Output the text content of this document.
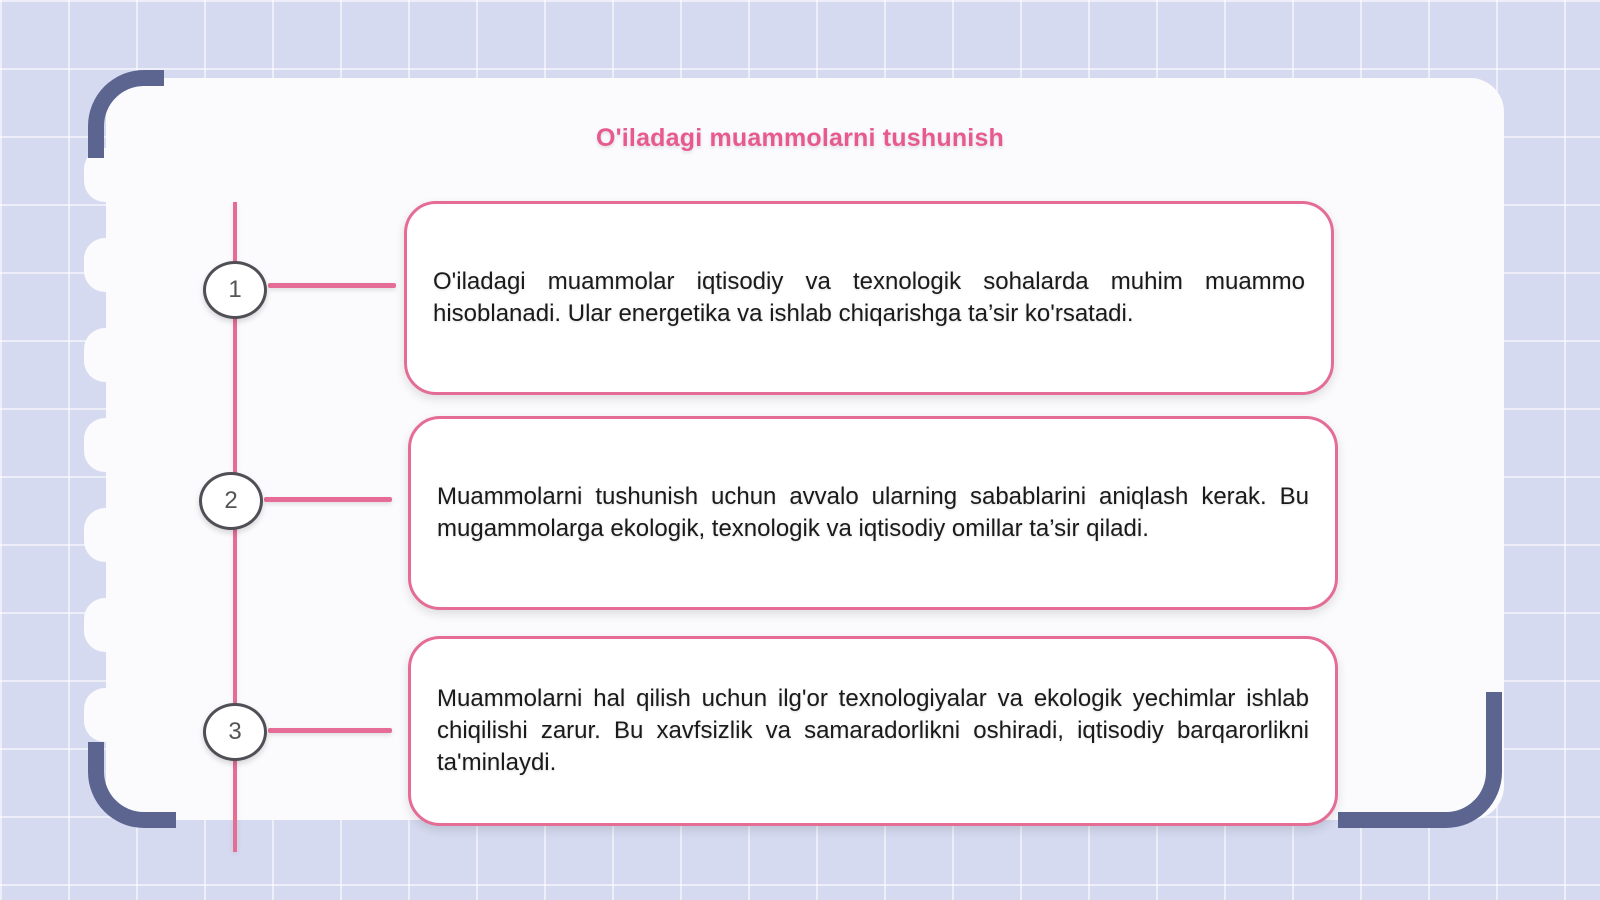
O'iladagi muammolarni tushunish
1
2
3
O'iladagi muammolar iqtisodiy va texnologik sohalarda muhim muammo hisoblanadi. Ular energetika va ishlab chiqarishga ta’sir ko'rsatadi.
Muammolarni tushunish uchun avvalo ularning sabablarini aniqlash kerak. Bu mugammolarga ekologik, texnologik va iqtisodiy omillar ta’sir qiladi.
Muammolarni hal qilish uchun ilg'or texnologiyalar va ekologik yechimlar ishlab chiqilishi zarur. Bu xavfsizlik va samaradorlikni oshiradi, iqtisodiy barqarorlikni ta'minlaydi.
